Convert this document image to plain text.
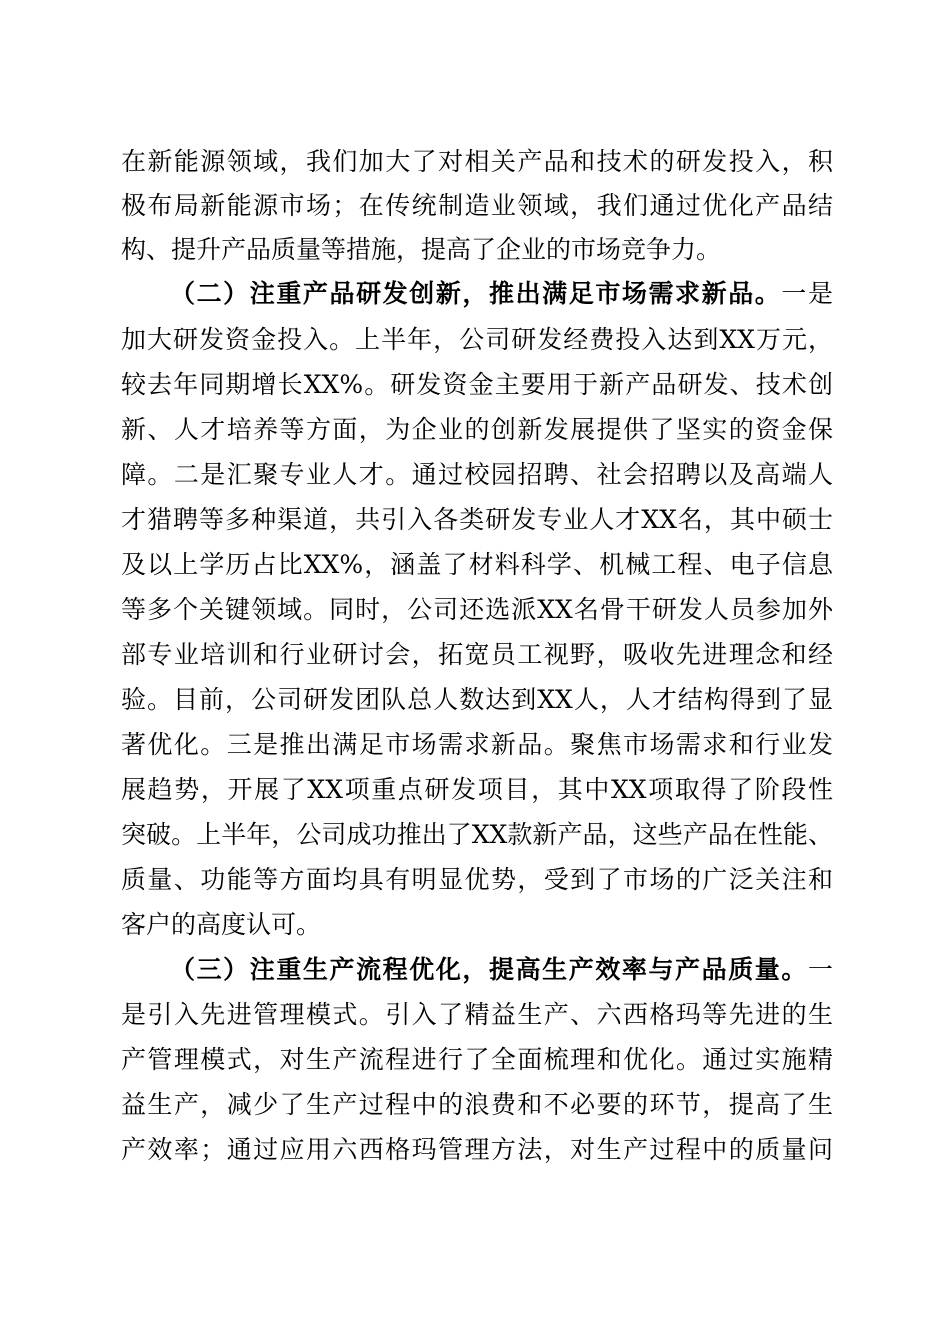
在新能源领域，我们加大了对相关产品和技术的研发投入，积
极布局新能源市场；在传统制造业领域，我们通过优化产品结
构、提升产品质量等措施，提高了企业的市场竞争力。
（二）注重产品研发创新，推出满足市场需求新品。一是
加大研发资金投入。上半年，公司研发经费投入达到XX万元，
较去年同期增长XX%。研发资金主要用于新产品研发、技术创
新、人才培养等方面，为企业的创新发展提供了坚实的资金保
障。二是汇聚专业人才。通过校园招聘、社会招聘以及高端人
才猎聘等多种渠道，共引入各类研发专业人才XX名，其中硕士
及以上学历占比XX%，涵盖了材料科学、机械工程、电子信息
等多个关键领域。同时，公司还选派XX名骨干研发人员参加外
部专业培训和行业研讨会，拓宽员工视野，吸收先进理念和经
验。目前，公司研发团队总人数达到XX人，人才结构得到了显
著优化。三是推出满足市场需求新品。聚焦市场需求和行业发
展趋势，开展了XX项重点研发项目，其中XX项取得了阶段性
突破。上半年，公司成功推出了XX款新产品，这些产品在性能、
质量、功能等方面均具有明显优势，受到了市场的广泛关注和
客户的高度认可。
（三）注重生产流程优化，提高生产效率与产品质量。一
是引入先进管理模式。引入了精益生产、六西格玛等先进的生
产管理模式，对生产流程进行了全面梳理和优化。通过实施精
益生产，减少了生产过程中的浪费和不必要的环节，提高了生
产效率；通过应用六西格玛管理方法，对生产过程中的质量问
